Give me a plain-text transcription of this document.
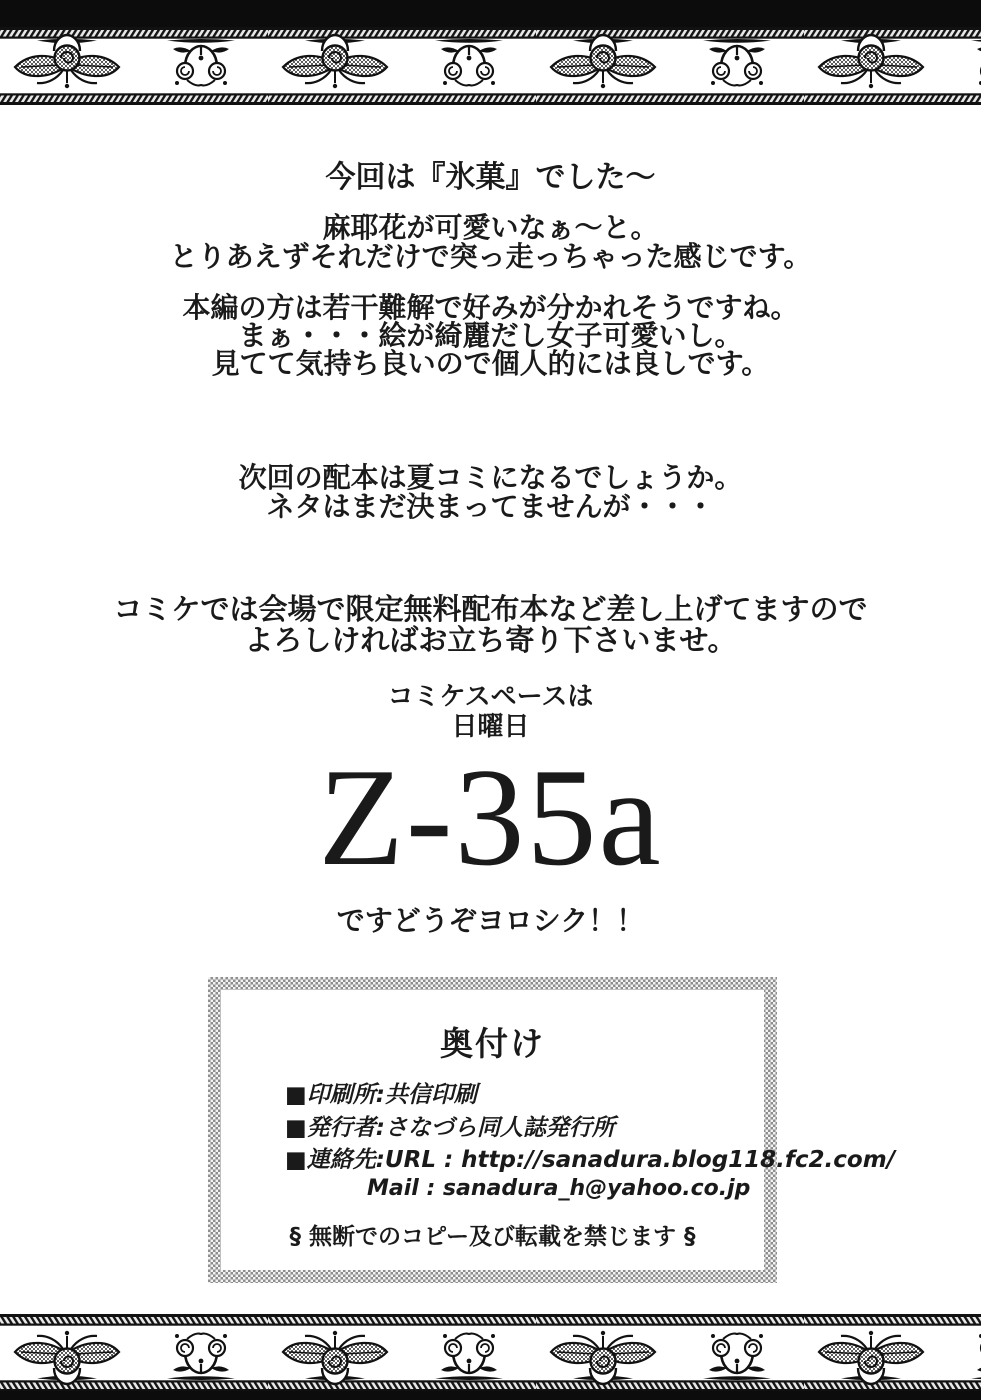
今回は『氷菓』でした～
麻耶花が可愛いなぁ～と。
とりあえずそれだけで突っ走っちゃった感じです。
本編の方は若干難解で好みが分かれそうですね。
まぁ・・・絵が綺麗だし女子可愛いし。
見てて気持ち良いので個人的には良しです。
次回の配本は夏コミになるでしょうか。
ネタはまだ決まってませんが・・・
コミケでは会場で限定無料配布本など差し上げてますので
よろしければお立ち寄り下さいませ。
コミケスペースは
日曜日
Z-35a
ですどうぞヨロシク！！
奥付け
■印刷所:共信印刷
■発行者:さなづら同人誌発行所
■連絡先:URL : http://sanadura.blog118.fc2.com/
Mail : sanadura_h@yahoo.co.jp
§ 無断でのコピー及び転載を禁じます §
